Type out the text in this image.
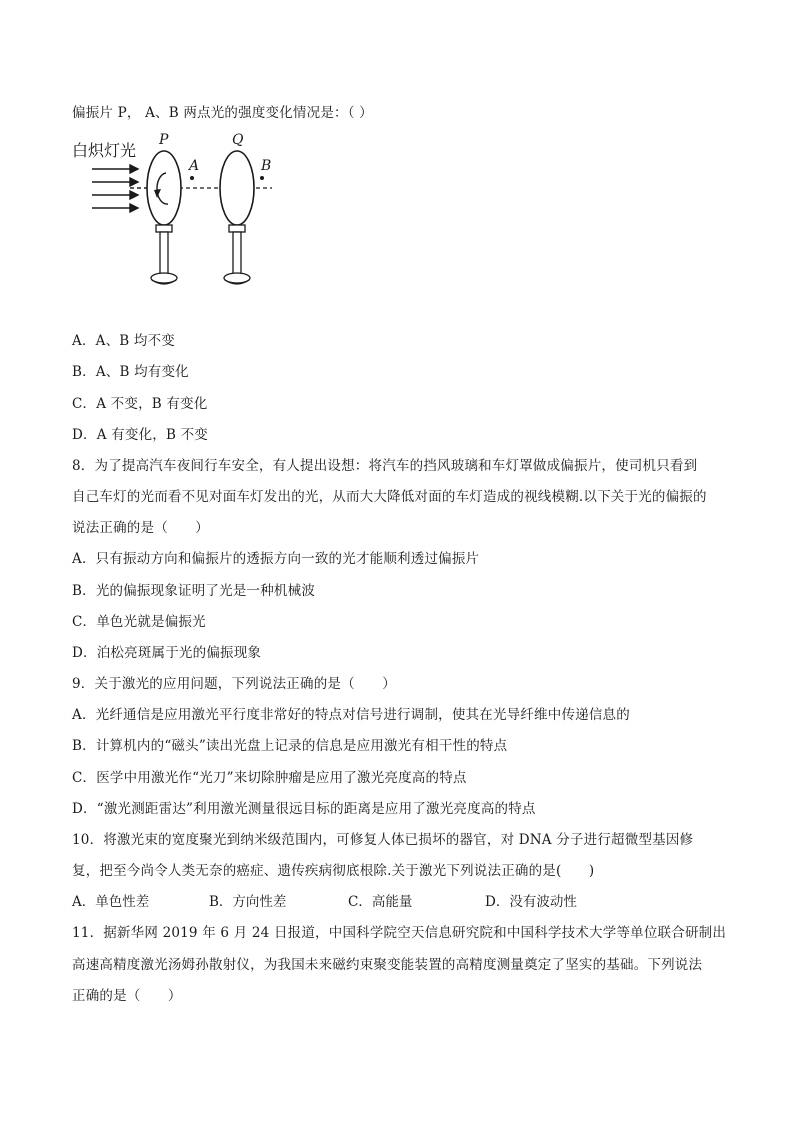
偏振片 P， A、B 两点光的强度变化情况是：（ ）
白炽灯光
P
A
Q
B
A．A、B 均不变
B．A、B 均有变化
C．A 不变，B 有变化
D．A 有变化，B 不变
8．为了提高汽车夜间行车安全，有人提出设想：将汽车的挡风玻璃和车灯罩做成偏振片，使司机只看到
自己车灯的光而看不见对面车灯发出的光，从而大大降低对面的车灯造成的视线模糊.以下关于光的偏振的
说法正确的是（　　）
A．只有振动方向和偏振片的透振方向一致的光才能顺利透过偏振片
B．光的偏振现象证明了光是一种机械波
C．单色光就是偏振光
D．泊松亮斑属于光的偏振现象
9．关于激光的应用问题，下列说法正确的是（　　）
A．光纤通信是应用激光平行度非常好的特点对信号进行调制，使其在光导纤维中传递信息的
B．计算机内的“磁头”读出光盘上记录的信息是应用激光有相干性的特点
C．医学中用激光作“光刀”来切除肿瘤是应用了激光亮度高的特点
D．“激光测距雷达”利用激光测量很远目标的距离是应用了激光亮度高的特点
10．将激光束的宽度聚光到纳米级范围内，可修复人体已损坏的器官，对 DNA 分子进行超微型基因修
复，把至今尚令人类无奈的癌症、遗传疾病彻底根除.关于激光下列说法正确的是(　　)
A．单色性差	B．方向性差	C．高能量	D．没有波动性
11．据新华网 2019 年 6 月 24 日报道，中国科学院空天信息研究院和中国科学技术大学等单位联合研制出
高速高精度激光汤姆孙散射仪，为我国未来磁约束聚变能装置的高精度测量奠定了坚实的基础。下列说法
正确的是（　　）
